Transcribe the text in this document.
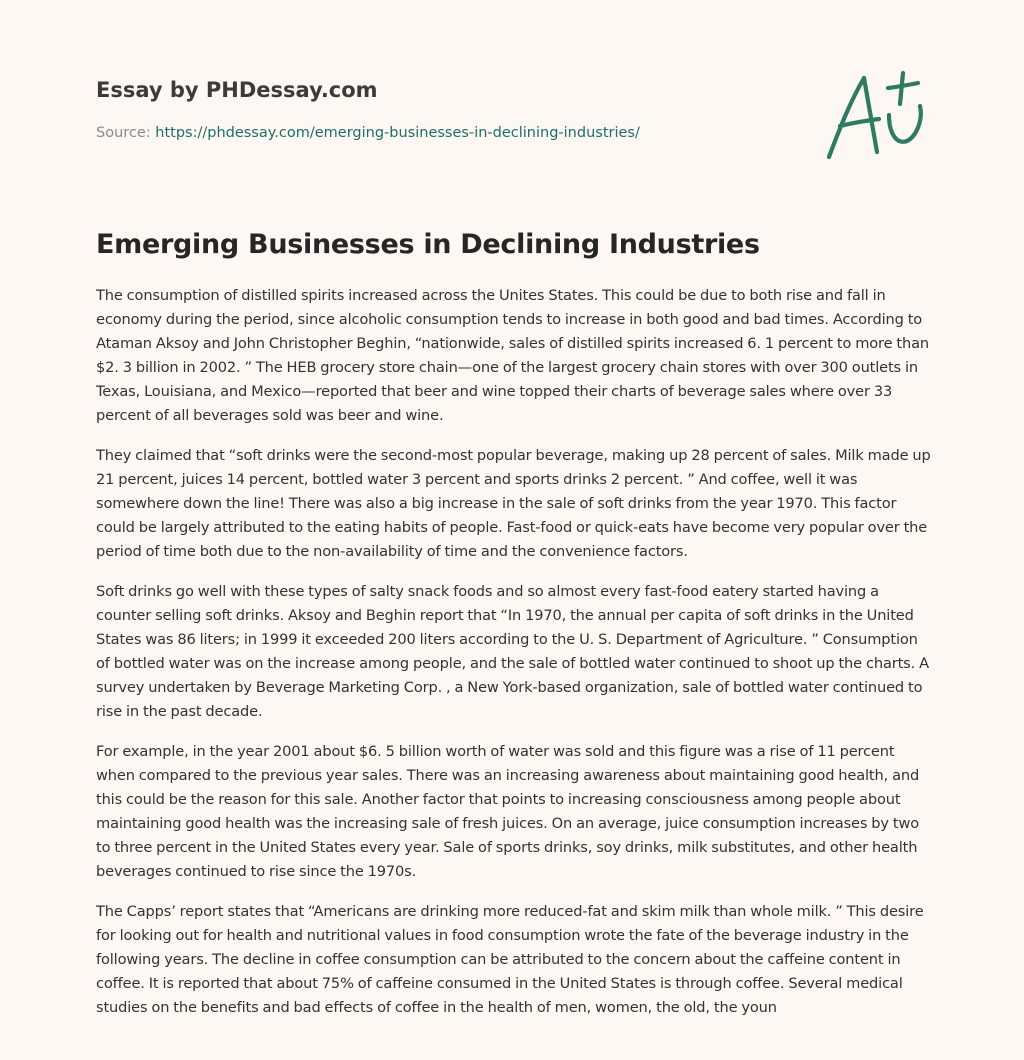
Essay by PHDessay.com
Source: https://phdessay.com/emerging-businesses-in-declining-industries/
Emerging Businesses in Declining Industries

The consumption of distilled spirits increased across the Unites States. This could be due to both rise and fall in economy during the period, since alcoholic consumption tends to increase in both good and bad times. According to Ataman Aksoy and John Christopher Beghin, “nationwide, sales of distilled spirits increased 6. 1 percent to more than $2. 3 billion in 2002. ” The HEB grocery store chain—one of the largest grocery chain stores with over 300 outlets in Texas, Louisiana, and Mexico—reported that beer and wine topped their charts of beverage sales where over 33 percent of all beverages sold was beer and wine.

They claimed that “soft drinks were the second-most popular beverage, making up 28 percent of sales. Milk made up 21 percent, juices 14 percent, bottled water 3 percent and sports drinks 2 percent. ” And coffee, well it was somewhere down the line! There was also a big increase in the sale of soft drinks from the year 1970. This factor could be largely attributed to the eating habits of people. Fast-food or quick-eats have become very popular over the period of time both due to the non-availability of time and the convenience factors.

Soft drinks go well with these types of salty snack foods and so almost every fast-food eatery started having a counter selling soft drinks. Aksoy and Beghin report that “In 1970, the annual per capita of soft drinks in the United States was 86 liters; in 1999 it exceeded 200 liters according to the U. S. Department of Agriculture. ” Consumption of bottled water was on the increase among people, and the sale of bottled water continued to shoot up the charts. A survey undertaken by Beverage Marketing Corp. , a New York-based organization, sale of bottled water continued to rise in the past decade.

For example, in the year 2001 about $6. 5 billion worth of water was sold and this figure was a rise of 11 percent when compared to the previous year sales. There was an increasing awareness about maintaining good health, and this could be the reason for this sale. Another factor that points to increasing consciousness among people about maintaining good health was the increasing sale of fresh juices. On an average, juice consumption increases by two to three percent in the United States every year. Sale of sports drinks, soy drinks, milk substitutes, and other health beverages continued to rise since the 1970s.

The Capps’ report states that “Americans are drinking more reduced-fat and skim milk than whole milk. ” This desire for looking out for health and nutritional values in food consumption wrote the fate of the beverage industry in the following years. The decline in coffee consumption can be attributed to the concern about the caffeine content in coffee. It is reported that about 75% of caffeine consumed in the United States is through coffee. Several medical studies on the benefits and bad effects of coffee in the health of men, women, the old, the youn
